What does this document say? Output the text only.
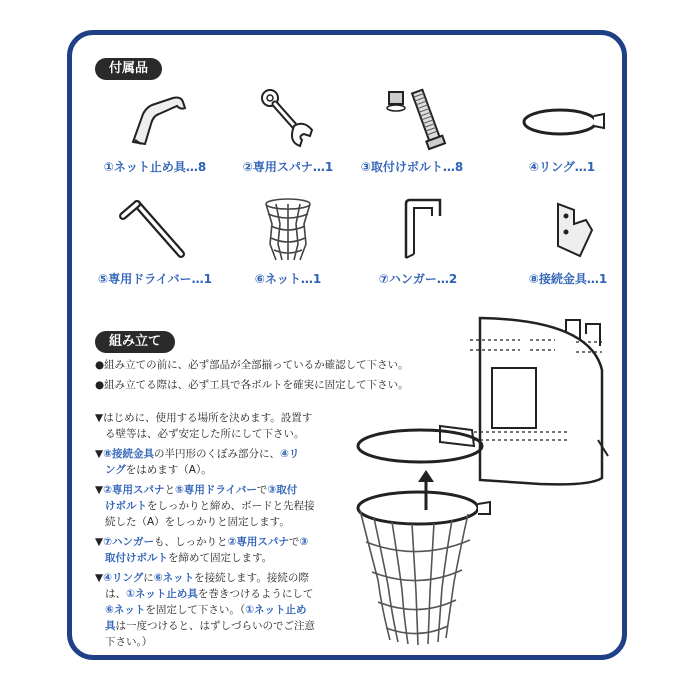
付属品
①ネット止め具…8	②専用スパナ…1	③取付けボルト…8	④リング…1
⑤専用ドライバー…1	⑥ネット…1	⑦ハンガー…2	⑧接続金具…1
組み立て
●組み立ての前に、必ず部品が全部揃っているか確認して下さい。
●組み立てる際は、必ず工具で各ボルトを確実に固定して下さい。
▼はじめに、使用する場所を決めます。設置す
る壁等は、必ず安定した所にして下さい。
▼⑧接続金具の半円形のくぼみ部分に、④リ
ングをはめます（A）。
▼②専用スパナと⑤専用ドライバーで③取付
けボルトをしっかりと締め、ボードと先程接
続した（A）をしっかりと固定します。
▼⑦ハンガーも、しっかりと②専用スパナで③
取付けボルトを締めて固定します。
▼④リングに⑥ネットを接続します。接続の際
は、①ネット止め具を巻きつけるようにして
⑥ネットを固定して下さい。（①ネット止め
具は一度つけると、はずしづらいのでご注意
下さい。）
